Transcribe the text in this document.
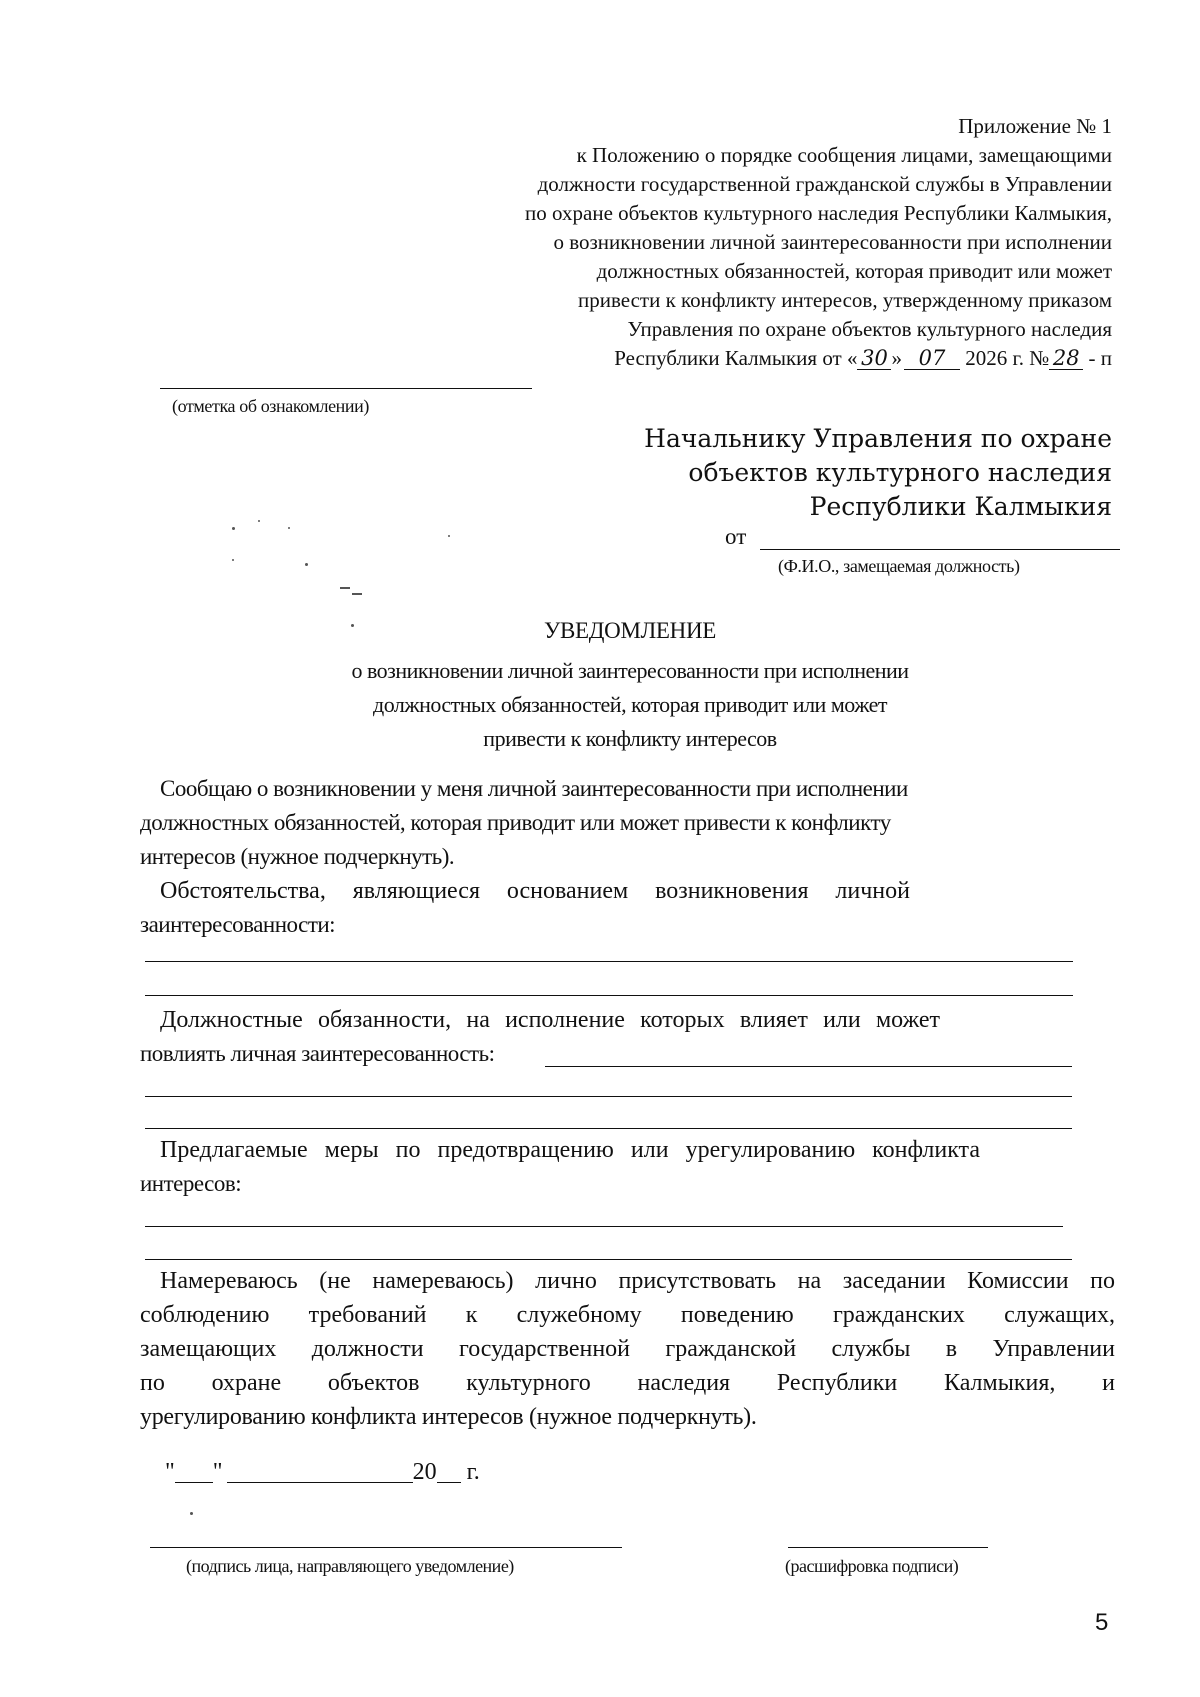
Приложение № 1
к Положению о порядке сообщения лицами, замещающими
должности государственной гражданской службы в Управлении
по охране объектов культурного наследия Республики Калмыкия,
о возникновении личной заинтересованности при исполнении
должностных обязанностей, которая приводит или может
привести к конфликту интересов, утвержденному приказом
Управления по охране объектов культурного наследия
Республики Калмыкия от « 30 » 07 2026 г. № 28 - п
(отметка об ознакомлении)
Начальнику Управления по охране
объектов культурного наследия
Республики Калмыкия
от
(Ф.И.О., замещаемая должность)
УВЕДОМЛЕНИЕ
о возникновении личной заинтересованности при исполнении
должностных обязанностей, которая приводит или может
привести к конфликту интересов
Сообщаю о возникновении у меня личной заинтересованности при исполнении
должностных обязанностей, которая приводит или может привести к конфликту
интересов (нужное подчеркнуть).
Обстоятельства, являющиеся основанием возникновения личной
заинтересованности:
Должностные обязанности, на исполнение которых влияет или может
повлиять личная заинтересованность:
Предлагаемые меры по предотвращению или урегулированию конфликта
интересов:
Намереваюсь (не намереваюсь) лично присутствовать на заседании Комиссии по
соблюдению требований к служебному поведению гражданских служащих,
замещающих должности государственной гражданской службы в Управлении
по охране объектов культурного наследия Республики Калмыкия, и
урегулированию конфликта интересов (нужное подчеркнуть).
" "	20 г.
(подпись лица, направляющего уведомление)	(расшифровка подписи)
5
